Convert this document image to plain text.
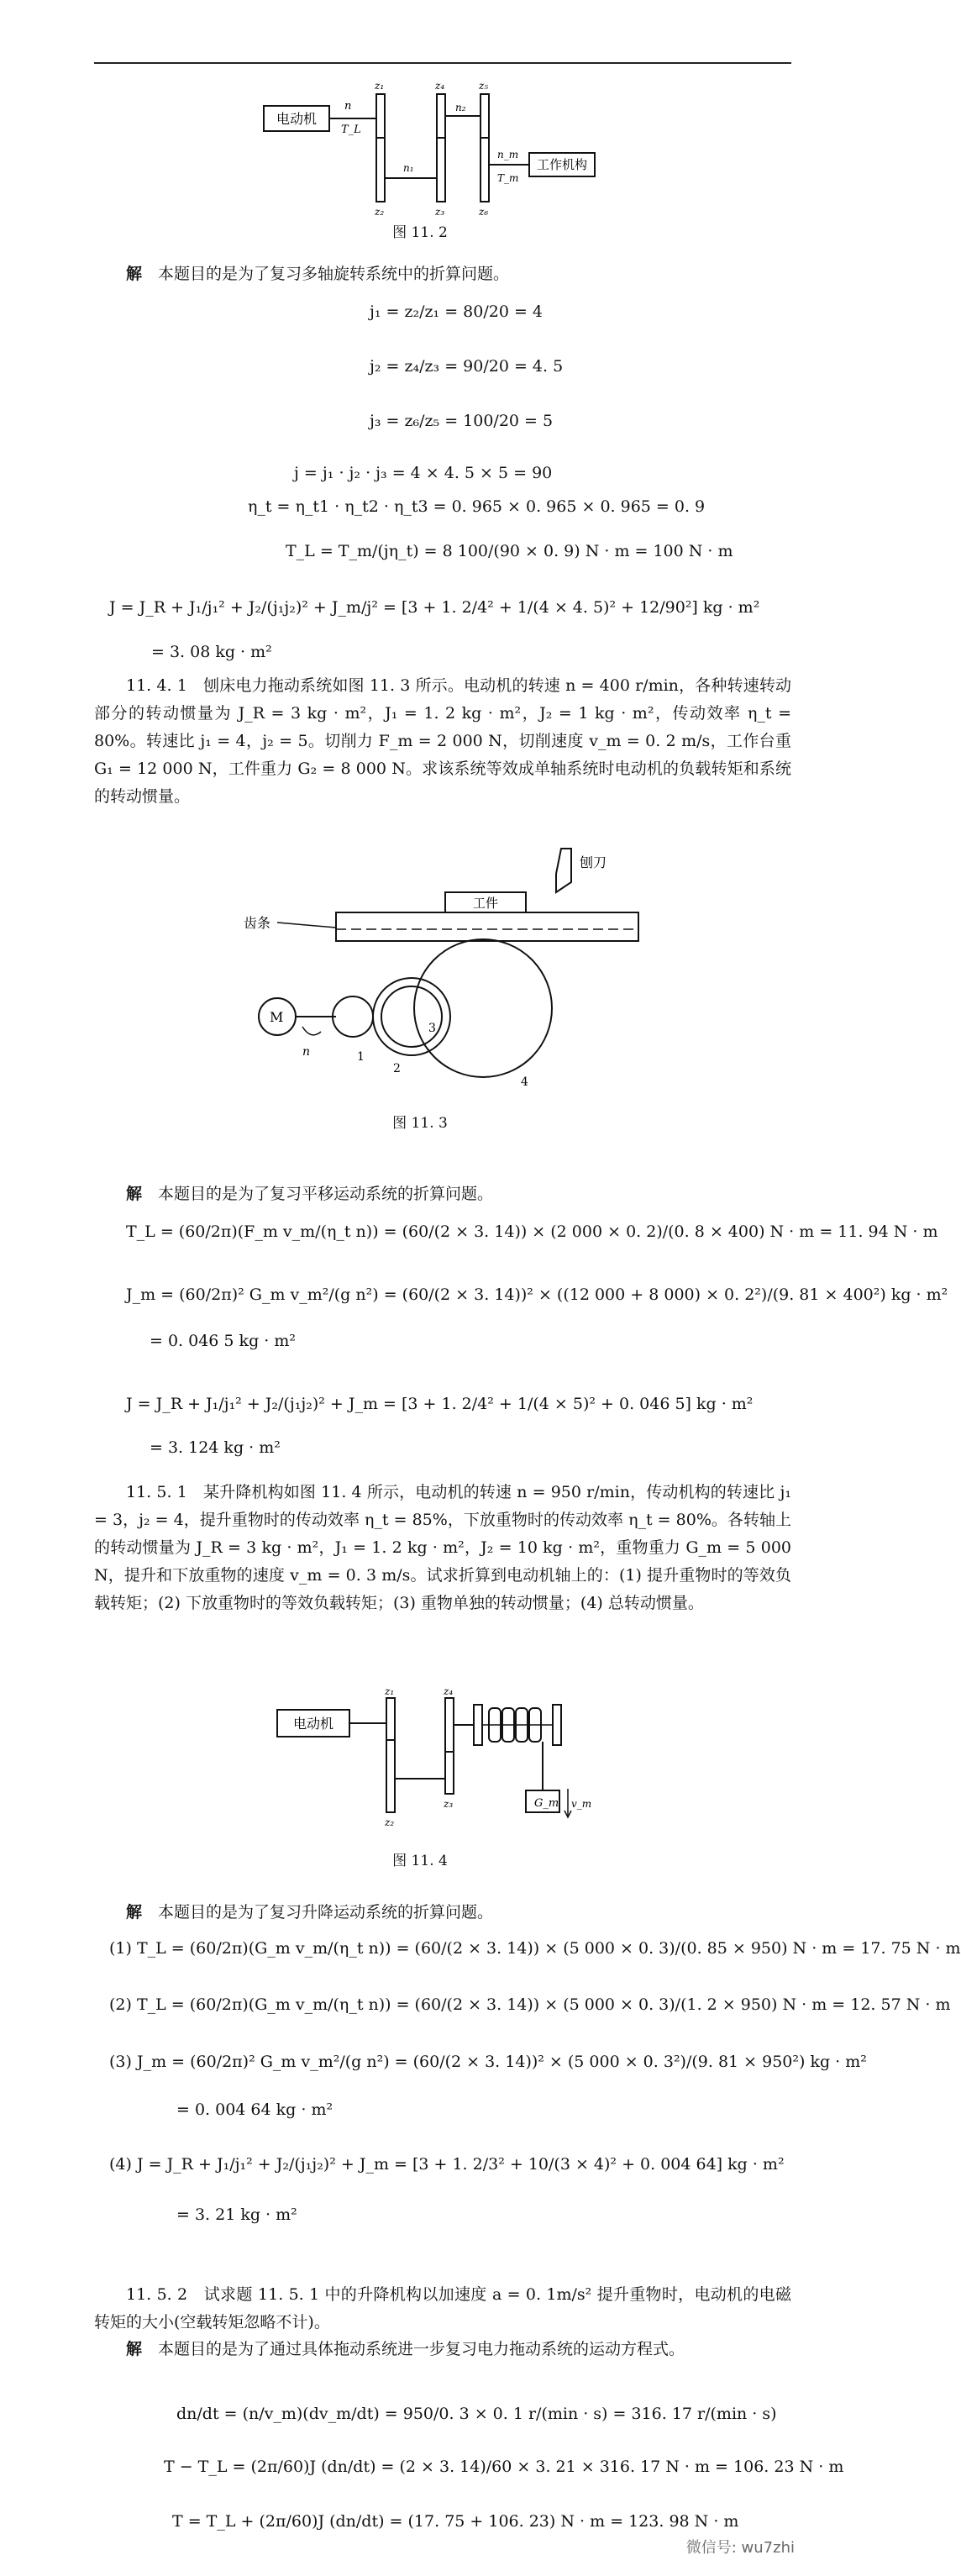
电动机
n
T_L
z₁
z₂
n₁
z₄
z₃
n₂
z₅
z₆
n_m
T_m
工作机构
图 11. 2
解　 本题目的是为了复习多轴旋转系统中的折算问题。
j₁ = z₂/z₁ = 80/20 = 4
j₂ = z₄/z₃ = 90/20 = 4. 5
j₃ = z₆/z₅ = 100/20 = 5
j = j₁ · j₂ · j₃ = 4 × 4. 5 × 5 = 90
η_t = η_t1 · η_t2 · η_t3 = 0. 965 × 0. 965 × 0. 965 = 0. 9
T_L = T_m/(jη_t) = 8 100/(90 × 0. 9) N · m = 100 N · m
J = J_R + J₁/j₁² + J₂/(j₁j₂)² + J_m/j² = [3 + 1. 2/4² + 1/(4 × 4. 5)² + 12/90²] kg · m²
= 3. 08 kg · m²
11. 4. 1　刨床电力拖动系统如图 11. 3 所示。电动机的转速 n = 400 r/min，各种转速转动部分的转动惯量为 J_R = 3 kg · m²，J₁ = 1. 2 kg · m²，J₂ = 1 kg · m²，传动效率 η_t = 80%。转速比 j₁ = 4，j₂ = 5。切削力 F_m = 2 000 N，切削速度 v_m = 0. 2 m/s，工作台重 G₁ = 12 000 N，工件重力 G₂ = 8 000 N。求该系统等效成单轴系统时电动机的负载转矩和系统的转动惯量。
刨刀
工件
齿条
M
n	1
2
3
4
图 11. 3
解　 本题目的是为了复习平移运动系统的折算问题。
T_L = (60/2π)(F_m v_m/(η_t n)) = (60/(2 × 3. 14)) × (2 000 × 0. 2)/(0. 8 × 400) N · m = 11. 94 N · m
J_m = (60/2π)² G_m v_m²/(g n²) = (60/(2 × 3. 14))² × ((12 000 + 8 000) × 0. 2²)/(9. 81 × 400²) kg · m²
= 0. 046 5 kg · m²
J = J_R + J₁/j₁² + J₂/(j₁j₂)² + J_m = [3 + 1. 2/4² + 1/(4 × 5)² + 0. 046 5] kg · m²
= 3. 124 kg · m²
11. 5. 1　某升降机构如图 11. 4 所示，电动机的转速 n = 950 r/min，传动机构的转速比 j₁ = 3，j₂ = 4，提升重物时的传动效率 η_t = 85%，下放重物时的传动效率 η_t = 80%。各转轴上的转动惯量为 J_R = 3 kg · m²，J₁ = 1. 2 kg · m²，J₂ = 10 kg · m²，重物重力 G_m = 5 000 N，提升和下放重物的速度 v_m = 0. 3 m/s。试求折算到电动机轴上的：(1) 提升重物时的等效负载转矩；(2) 下放重物时的等效负载转矩；(3) 重物单独的转动惯量；(4) 总转动惯量。
电动机
z₁
z₂
z₄
z₃	G_m v_m
图 11. 4
解　 本题目的是为了复习升降运动系统的折算问题。
(1) T_L = (60/2π)(G_m v_m/(η_t n)) = (60/(2 × 3. 14)) × (5 000 × 0. 3)/(0. 85 × 950) N · m = 17. 75 N · m
(2) T_L = (60/2π)(G_m v_m/(η_t n)) = (60/(2 × 3. 14)) × (5 000 × 0. 3)/(1. 2 × 950) N · m = 12. 57 N · m
(3) J_m = (60/2π)² G_m v_m²/(g n²) = (60/(2 × 3. 14))² × (5 000 × 0. 3²)/(9. 81 × 950²) kg · m²
= 0. 004 64 kg · m²
(4) J = J_R + J₁/j₁² + J₂/(j₁j₂)² + J_m = [3 + 1. 2/3² + 10/(3 × 4)² + 0. 004 64] kg · m²
= 3. 21 kg · m²
11. 5. 2　试求题 11. 5. 1 中的升降机构以加速度 a = 0. 1m/s² 提升重物时，电动机的电磁转矩的大小(空载转矩忽略不计)。
解　 本题目的是为了通过具体拖动系统进一步复习电力拖动系统的运动方程式。
dn/dt = (n/v_m)(dv_m/dt) = 950/0. 3 × 0. 1 r/(min · s) = 316. 17 r/(min · s)
T − T_L = (2π/60)J (dn/dt) = (2 × 3. 14)/60 × 3. 21 × 316. 17 N · m = 106. 23 N · m
T = T_L + (2π/60)J (dn/dt) = (17. 75 + 106. 23) N · m = 123. 98 N · m
微信号: wu7zhi
